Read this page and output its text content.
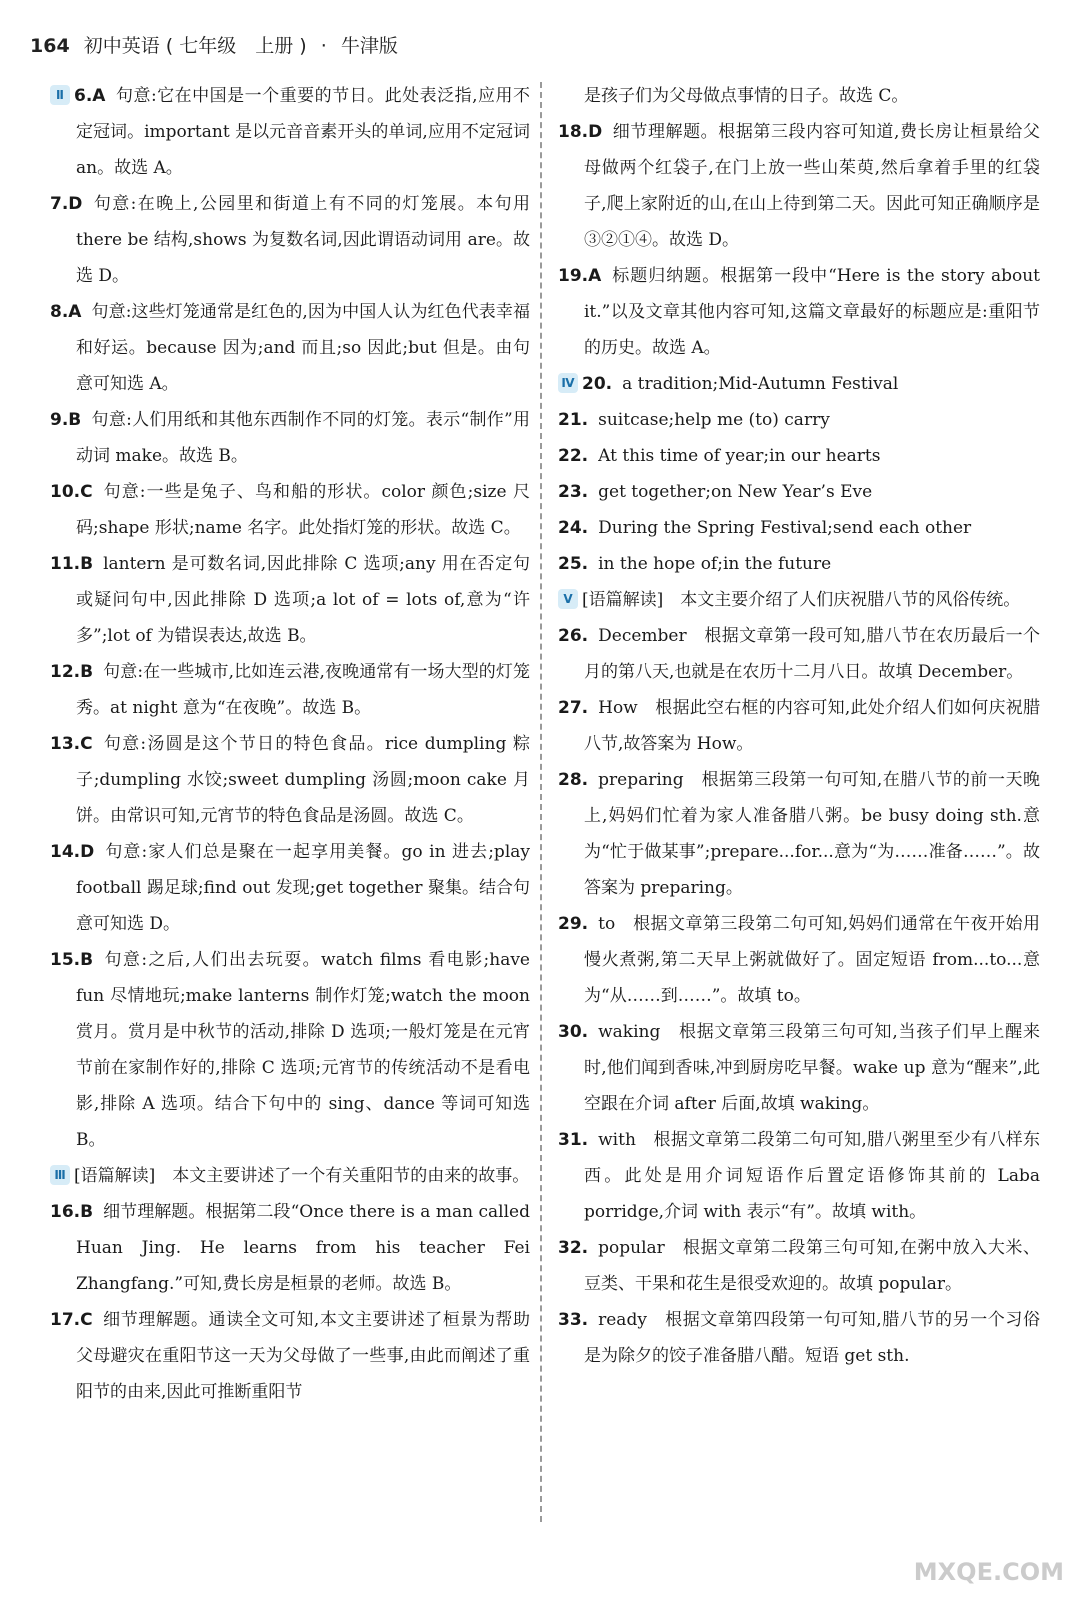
164 初中英语 ( 七年级　上册 ) · 牛津版

Ⅱ 6.A 句意:它在中国是一个重要的节日。此处表泛指,应用不定冠词。important 是以元音音素开头的单词,应用不定冠词 an。故选 A。

7.D 句意:在晚上,公园里和街道上有不同的灯笼展。本句用 there be 结构,shows 为复数名词,因此谓语动词用 are。故选 D。

8.A 句意:这些灯笼通常是红色的,因为中国人认为红色代表幸福和好运。because 因为;and 而且;so 因此;but 但是。由句意可知选 A。

9.B 句意:人们用纸和其他东西制作不同的灯笼。表示“制作”用动词 make。故选 B。

10.C 句意:一些是兔子、鸟和船的形状。color 颜色;size 尺码;shape 形状;name 名字。此处指灯笼的形状。故选 C。

11.B lantern 是可数名词,因此排除 C 选项;any 用在否定句或疑问句中,因此排除 D 选项;a lot of = lots of,意为“许多”;lot of 为错误表达,故选 B。

12.B 句意:在一些城市,比如连云港,夜晚通常有一场大型的灯笼秀。at night 意为“在夜晚”。故选 B。

13.C 句意:汤圆是这个节日的特色食品。rice dumpling 粽子;dumpling 水饺;sweet dumpling 汤圆;moon cake 月饼。由常识可知,元宵节的特色食品是汤圆。故选 C。

14.D 句意:家人们总是聚在一起享用美餐。go in 进去;play football 踢足球;find out 发现;get together 聚集。结合句意可知选 D。

15.B 句意:之后,人们出去玩耍。watch films 看电影;have fun 尽情地玩;make lanterns 制作灯笼;watch the moon 赏月。赏月是中秋节的活动,排除 D 选项;一般灯笼是在元宵节前在家制作好的,排除 C 选项;元宵节的传统活动不是看电影,排除 A 选项。结合下句中的 sing、dance 等词可知选 B。

Ⅲ [语篇解读]　本文主要讲述了一个有关重阳节的由来的故事。

16.B 细节理解题。根据第二段“Once there is a man called Huan Jing. He learns from his teacher Fei Zhangfang.”可知,费长房是桓景的老师。故选 B。

17.C 细节理解题。通读全文可知,本文主要讲述了桓景为帮助父母避灾在重阳节这一天为父母做了一些事,由此而阐述了重阳节的由来,因此可推断重阳节

是孩子们为父母做点事情的日子。故选 C。

18.D 细节理解题。根据第三段内容可知道,费长房让桓景给父母做两个红袋子,在门上放一些山茱萸,然后拿着手里的红袋子,爬上家附近的山,在山上待到第二天。因此可知正确顺序是③②①④。故选 D。

19.A 标题归纳题。根据第一段中“Here is the story about it.”以及文章其他内容可知,这篇文章最好的标题应是:重阳节的历史。故选 A。

Ⅳ 20. a tradition;Mid-Autumn Festival

21. suitcase;help me (to) carry

22. At this time of year;in our hearts

23. get together;on New Year’s Eve

24. During the Spring Festival;send each other

25. in the hope of;in the future

Ⅴ [语篇解读]　本文主要介绍了人们庆祝腊八节的风俗传统。

26. December　根据文章第一段可知,腊八节在农历最后一个月的第八天,也就是在农历十二月八日。故填 December。

27. How　根据此空右框的内容可知,此处介绍人们如何庆祝腊八节,故答案为 How。

28. preparing　根据第三段第一句可知,在腊八节的前一天晚上,妈妈们忙着为家人准备腊八粥。be busy doing sth.意为“忙于做某事”;prepare...for...意为“为……准备……”。故答案为 preparing。

29. to　根据文章第三段第二句可知,妈妈们通常在午夜开始用慢火煮粥,第二天早上粥就做好了。固定短语 from...to...意为“从……到……”。故填 to。

30. waking　根据文章第三段第三句可知,当孩子们早上醒来时,他们闻到香味,冲到厨房吃早餐。wake up 意为“醒来”,此空跟在介词 after 后面,故填 waking。

31. with　根据文章第二段第二句可知,腊八粥里至少有八样东西。此处是用介词短语作后置定语修饰其前的 Laba porridge,介词 with 表示“有”。故填 with。

32. popular　根据文章第二段第三句可知,在粥中放入大米、豆类、干果和花生是很受欢迎的。故填 popular。

33. ready　根据文章第四段第一句可知,腊八节的另一个习俗是为除夕的饺子准备腊八醋。短语 get sth.

MXQE.COM
